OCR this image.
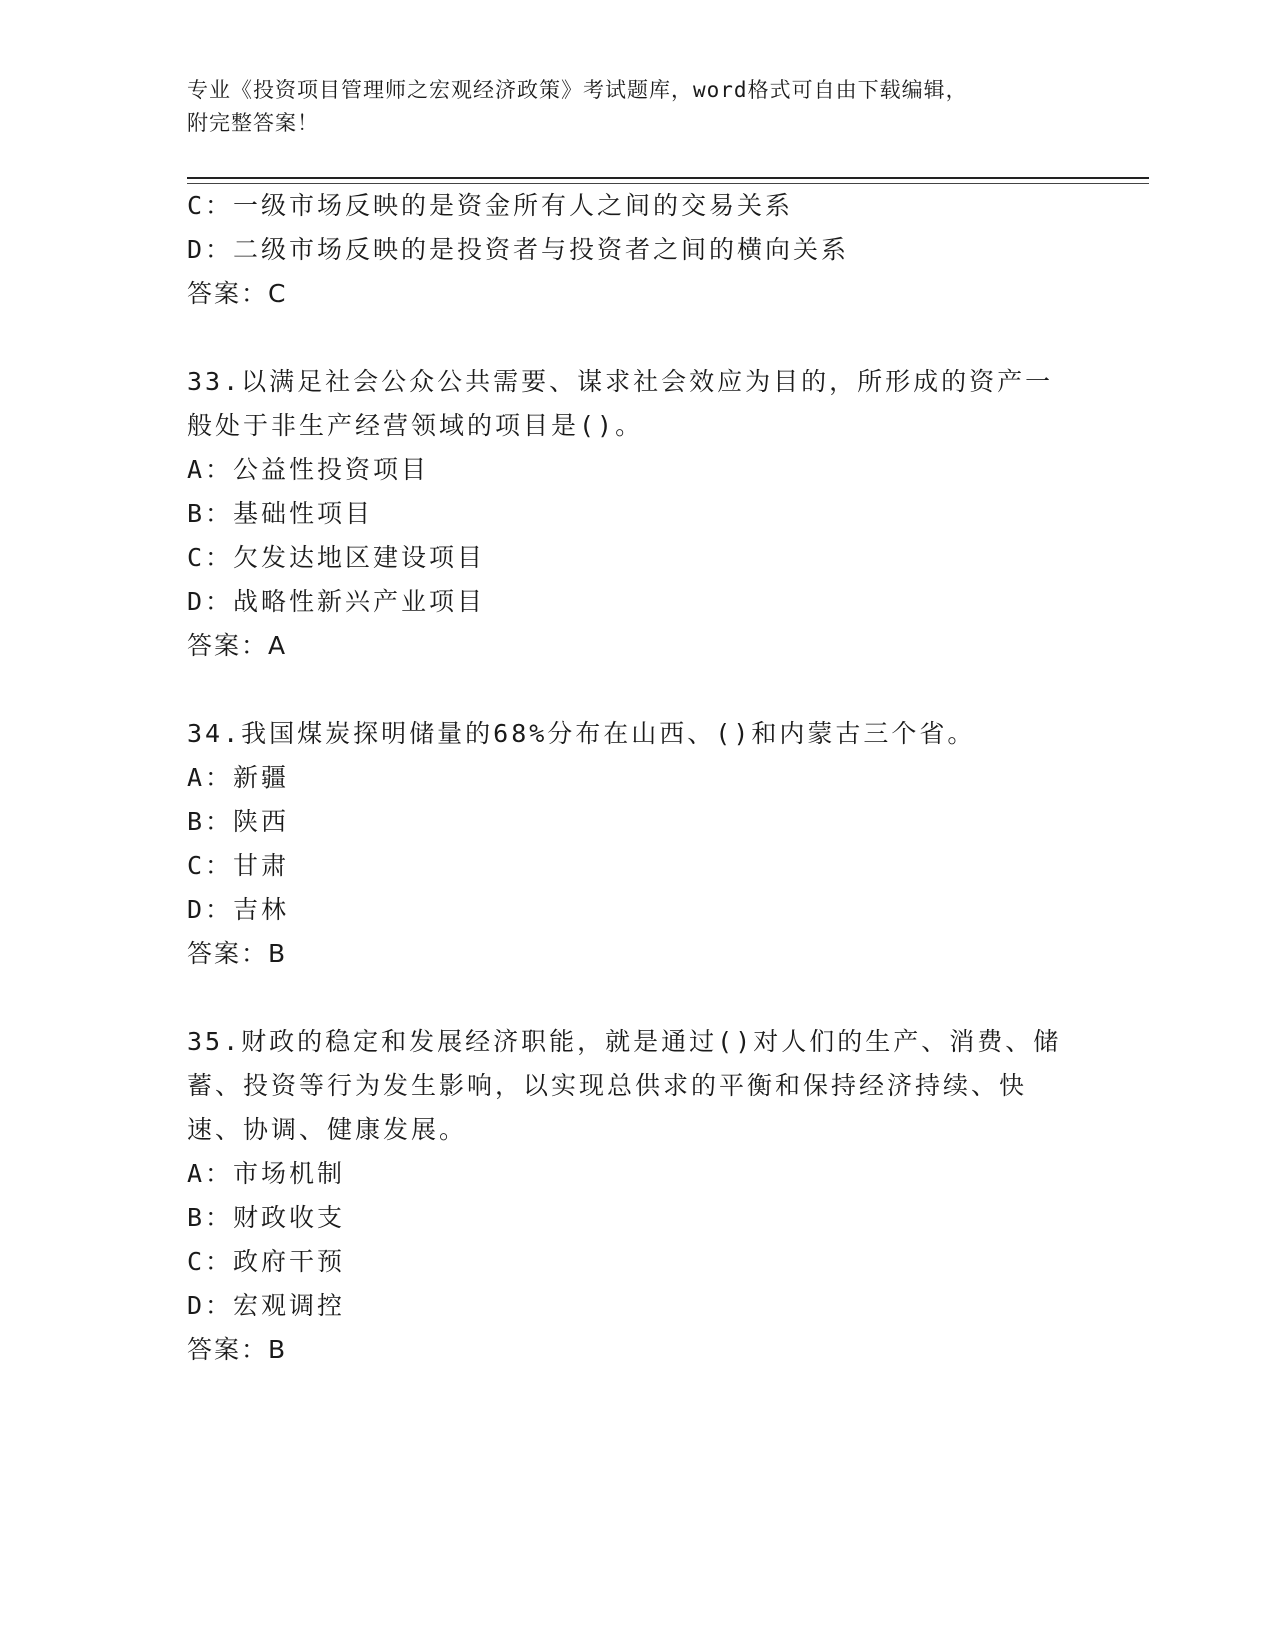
专业《投资项目管理师之宏观经济政策》考试题库，word格式可自由下载编辑，
附完整答案！
C：一级市场反映的是资金所有人之间的交易关系
D：二级市场反映的是投资者与投资者之间的横向关系
答案：C
33.以满足社会公众公共需要、谋求社会效应为目的，所形成的资产一
般处于非生产经营领域的项目是()。
A：公益性投资项目
B：基础性项目
C：欠发达地区建设项目
D：战略性新兴产业项目
答案：A
34.我国煤炭探明储量的68%分布在山西、()和内蒙古三个省。
A：新疆
B：陕西
C：甘肃
D：吉林
答案：B
35.财政的稳定和发展经济职能，就是通过()对人们的生产、消费、储
蓄、投资等行为发生影响，以实现总供求的平衡和保持经济持续、快
速、协调、健康发展。
A：市场机制
B：财政收支
C：政府干预
D：宏观调控
答案：B
